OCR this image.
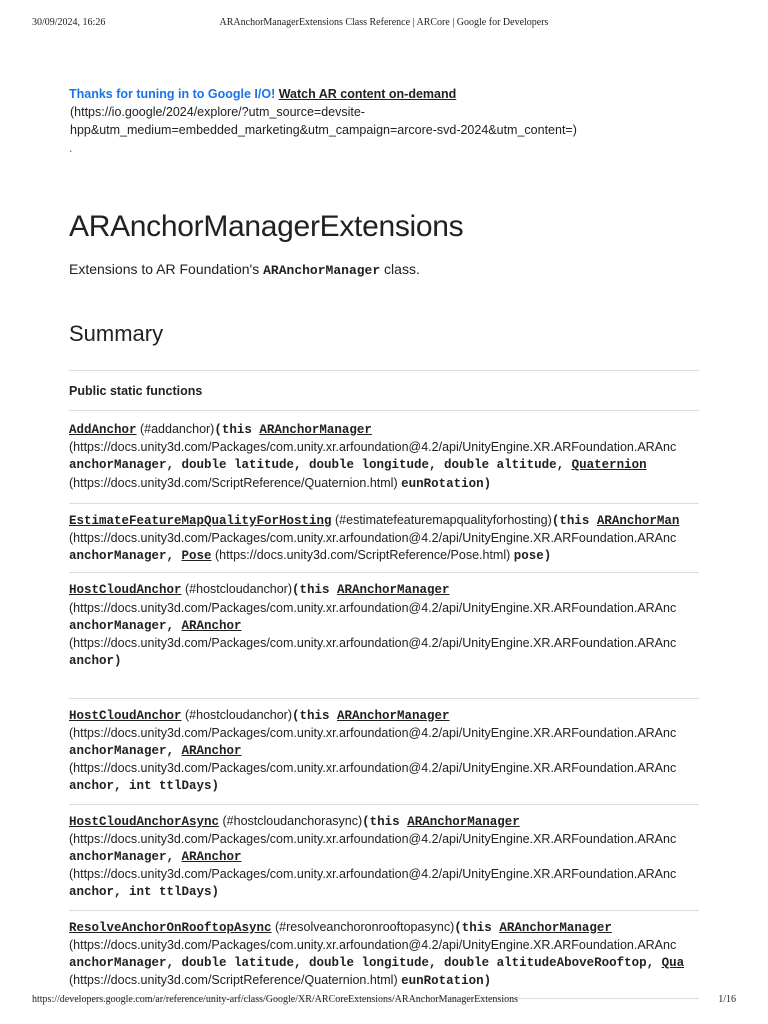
30/09/2024, 16:26	ARAnchorManagerExtensions Class Reference | ARCore | Google for Developers
Thanks for tuning in to Google I/O! Watch AR content on-demand
(https://io.google/2024/explore/?utm_source=devsite-
hpp&utm_medium=embedded_marketing&utm_campaign=arcore-svd-2024&utm_content=)
.
ARAnchorManagerExtensions
Extensions to AR Foundation's ARAnchorManager class.
Summary
Public static functions
AddAnchor (#addanchor)(this ARAnchorManager
(https://docs.unity3d.com/Packages/com.unity.xr.arfoundation@4.2/api/UnityEngine.XR.ARFoundation.ARAnc
anchorManager, double latitude, double longitude, double altitude, Quaternion
(https://docs.unity3d.com/ScriptReference/Quaternion.html) eunRotation)
EstimateFeatureMapQualityForHosting (#estimatefeaturemapqualityforhosting)(this ARAnchorMan
(https://docs.unity3d.com/Packages/com.unity.xr.arfoundation@4.2/api/UnityEngine.XR.ARFoundation.ARAnc
anchorManager, Pose (https://docs.unity3d.com/ScriptReference/Pose.html) pose)
HostCloudAnchor (#hostcloudanchor)(this ARAnchorManager
(https://docs.unity3d.com/Packages/com.unity.xr.arfoundation@4.2/api/UnityEngine.XR.ARFoundation.ARAnc
anchorManager, ARAnchor
(https://docs.unity3d.com/Packages/com.unity.xr.arfoundation@4.2/api/UnityEngine.XR.ARFoundation.ARAnc
anchor)

HostCloudAnchor (#hostcloudanchor)(this ARAnchorManager
(https://docs.unity3d.com/Packages/com.unity.xr.arfoundation@4.2/api/UnityEngine.XR.ARFoundation.ARAnc
anchorManager, ARAnchor
(https://docs.unity3d.com/Packages/com.unity.xr.arfoundation@4.2/api/UnityEngine.XR.ARFoundation.ARAnc
anchor, int ttlDays)
HostCloudAnchorAsync (#hostcloudanchorasync)(this ARAnchorManager
(https://docs.unity3d.com/Packages/com.unity.xr.arfoundation@4.2/api/UnityEngine.XR.ARFoundation.ARAnc
anchorManager, ARAnchor
(https://docs.unity3d.com/Packages/com.unity.xr.arfoundation@4.2/api/UnityEngine.XR.ARFoundation.ARAnc
anchor, int ttlDays)
ResolveAnchorOnRooftopAsync (#resolveanchoronrooftopasync)(this ARAnchorManager
(https://docs.unity3d.com/Packages/com.unity.xr.arfoundation@4.2/api/UnityEngine.XR.ARFoundation.ARAnc
anchorManager, double latitude, double longitude, double altitudeAboveRooftop, Qua
(https://docs.unity3d.com/ScriptReference/Quaternion.html) eunRotation)
https://developers.google.com/ar/reference/unity-arf/class/Google/XR/ARCoreExtensions/ARAnchorManagerExtensions	1/16
